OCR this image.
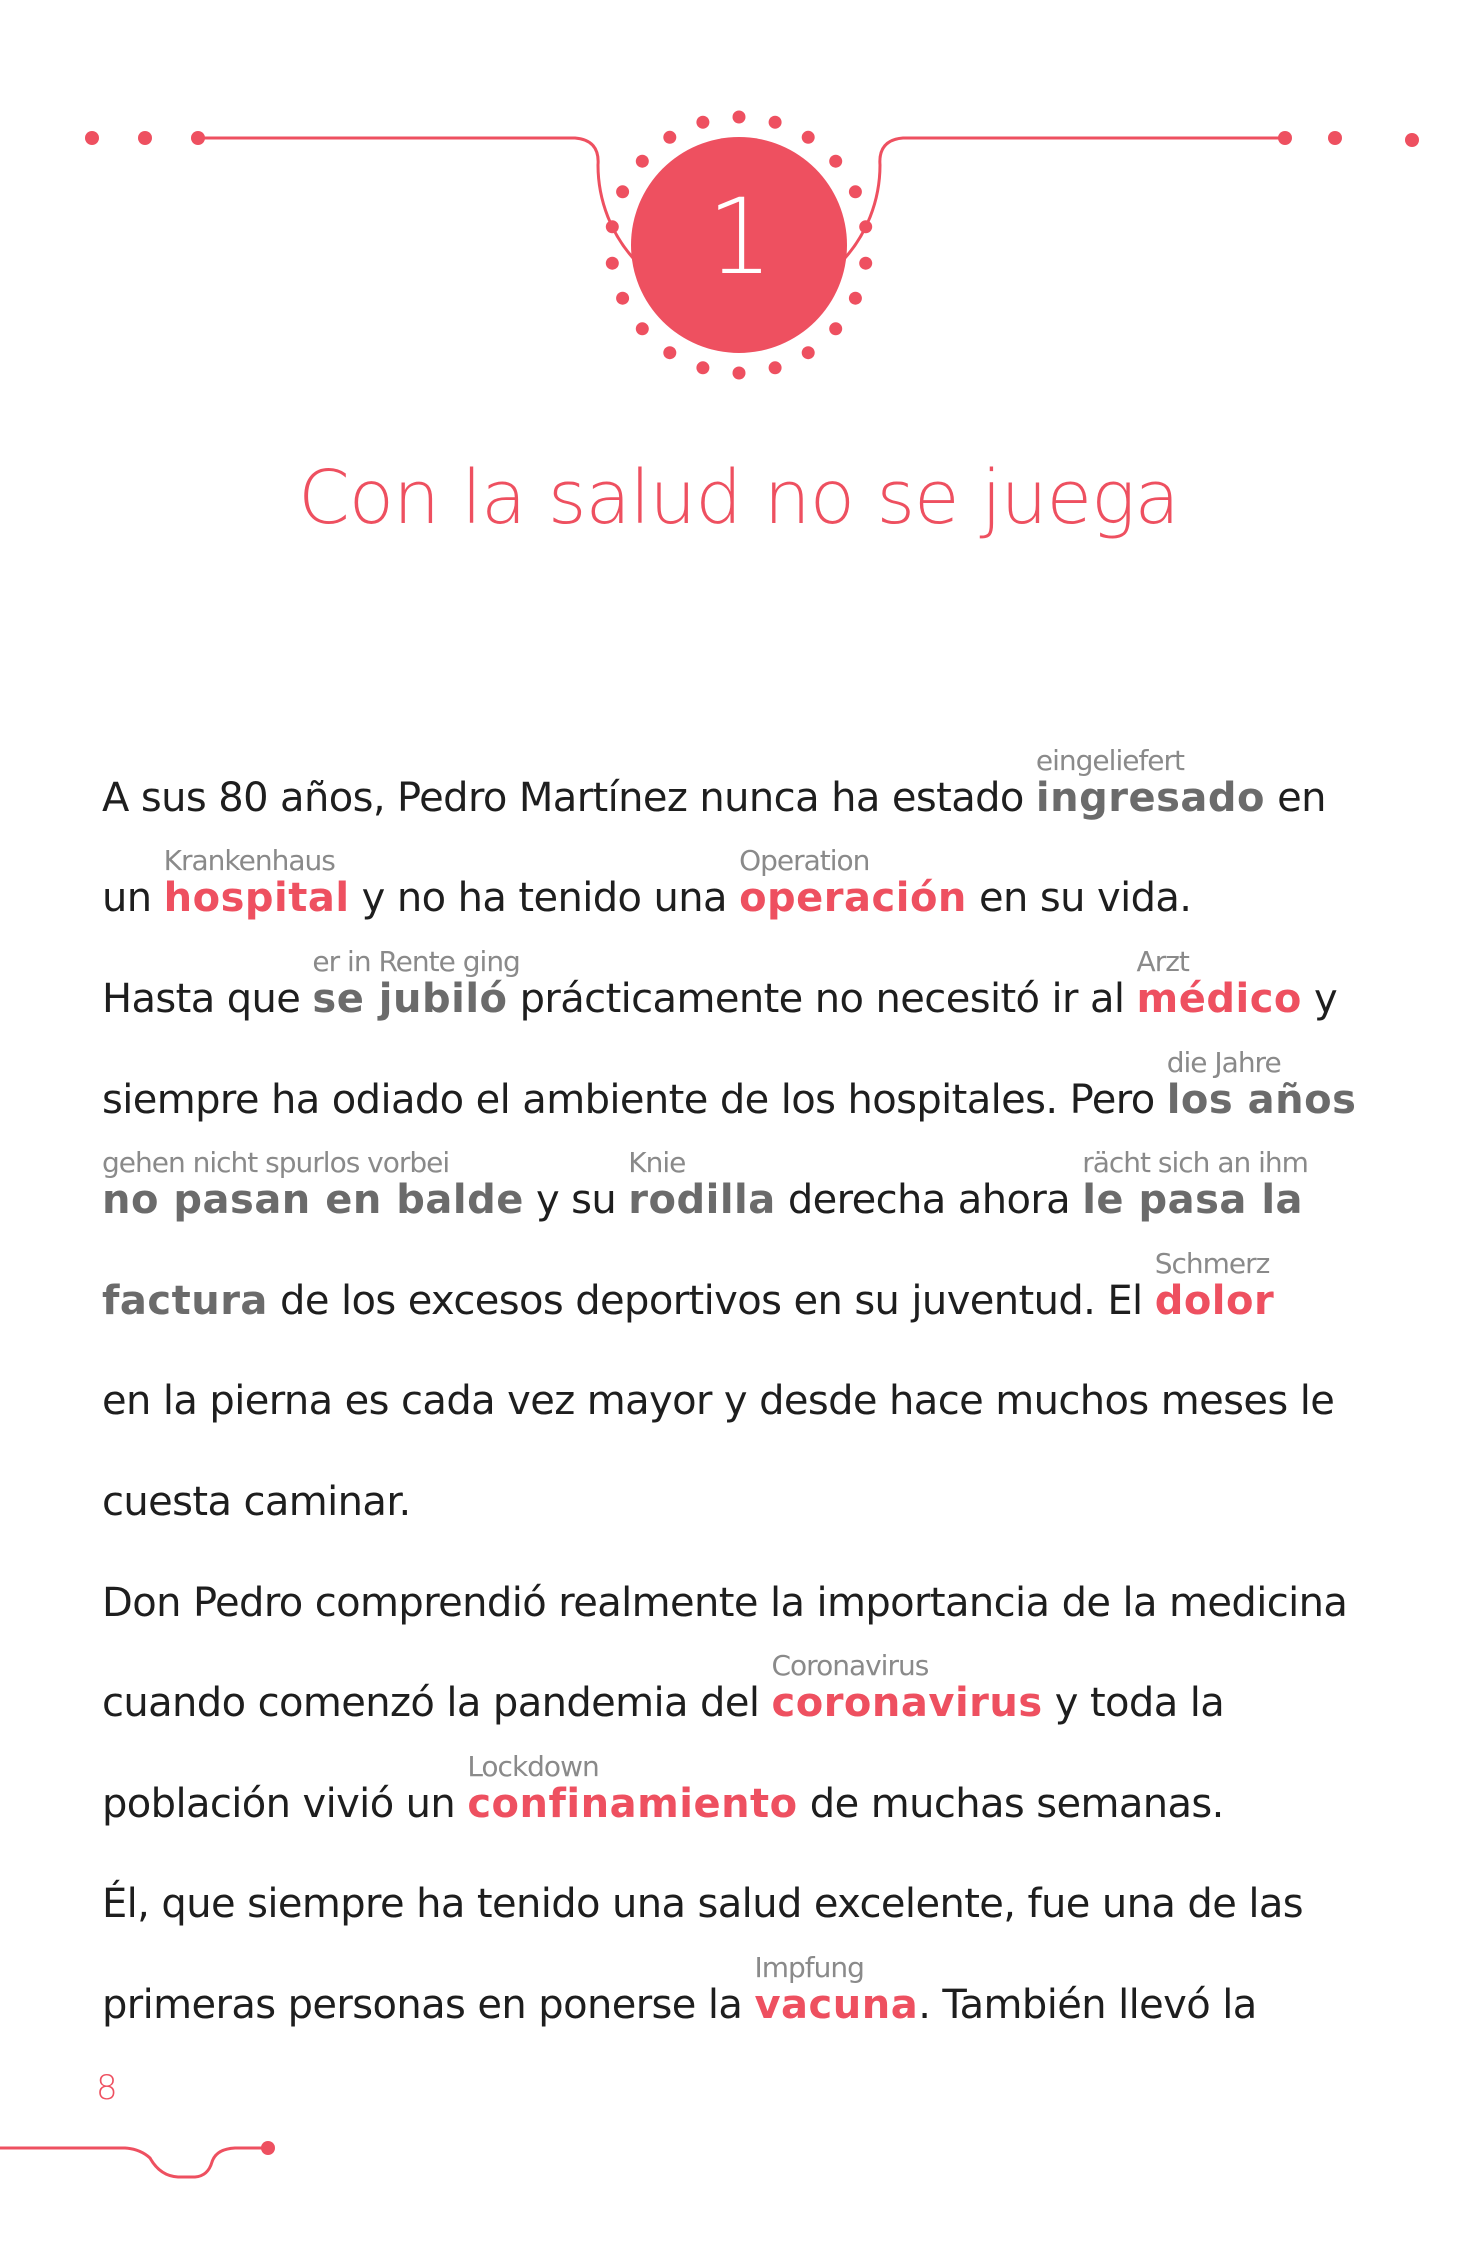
1
Con la salud no se juega
A sus 80 años, Pedro Martínez nunca ha estado
eingeliefert
ingresado en
un
Krankenhaus
hospital y no ha tenido una
Operation
operación en su vida.
Hasta que
er in Rente ging
se jubiló prácticamente no necesitó ir al
Arzt
médico y
siempre ha odiado el ambiente de los hospitales. Pero
die Jahre
los años
gehen nicht spurlos vorbei
no pasan en balde y su
Knie
rodilla derecha ahora
rächt sich an ihm
le pasa la
factura de los excesos deportivos en su juventud. El
Schmerz
dolor
en la pierna es cada vez mayor y desde hace muchos meses le
cuesta caminar.
Don Pedro comprendió realmente la importancia de la medicina
cuando comenzó la pandemia del
Coronavirus
coronavirus y toda la
población vivió un
Lockdown
confinamiento de muchas semanas.
Él, que siempre ha tenido una salud excelente, fue una de las
primeras personas en ponerse la
Impfung
vacuna. También llevó la
8
